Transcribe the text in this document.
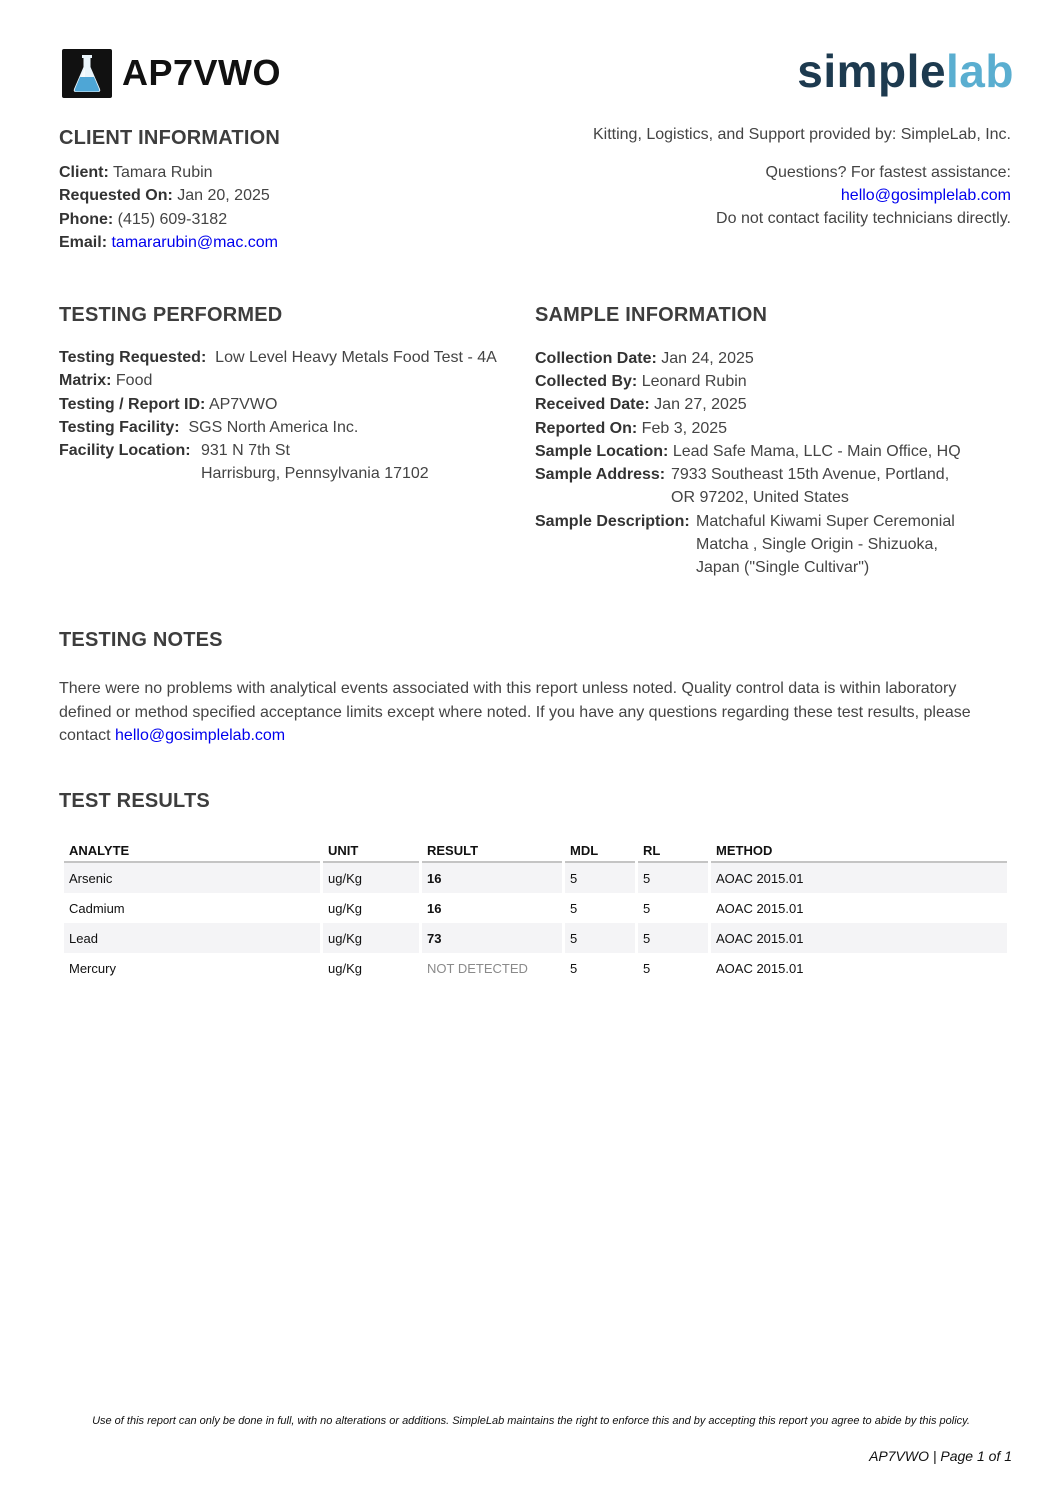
AP7VWO	simplelab
CLIENT INFORMATION
Client: Tamara Rubin
Requested On: Jan 20, 2025
Phone: (415) 609-3182
Email: tamararubin@mac.com
Kitting, Logistics, and Support provided by: SimpleLab, Inc.
Questions? For fastest assistance:
hello@gosimplelab.com
Do not contact facility technicians directly.
TESTING PERFORMED
Testing Requested: Low Level Heavy Metals Food Test - 4A
Matrix: Food
Testing / Report ID: AP7VWO
Testing Facility: SGS North America Inc.
Facility Location: 931 N 7th St
Harrisburg, Pennsylvania 17102
SAMPLE INFORMATION
Collection Date: Jan 24, 2025
Collected By: Leonard Rubin
Received Date: Jan 27, 2025
Reported On: Feb 3, 2025
Sample Location: Lead Safe Mama, LLC - Main Office, HQ
Sample Address: 7933 Southeast 15th Avenue, Portland,
OR 97202, United States
Sample Description: Matchaful Kiwami Super Ceremonial
Matcha , Single Origin - Shizuoka,
Japan ("Single Cultivar")
TESTING NOTES
There were no problems with analytical events associated with this report unless noted. Quality control data is within laboratory defined or method specified acceptance limits except where noted. If you have any questions regarding these test results, please contact hello@gosimplelab.com
TEST RESULTS
ANALYTE	UNIT	RESULT	MDL	RL	METHOD
Arsenic	ug/Kg	16	5	5	AOAC 2015.01
Cadmium	ug/Kg	16	5	5	AOAC 2015.01
Lead	ug/Kg	73	5	5	AOAC 2015.01
Mercury	ug/Kg	NOT DETECTED	5	5	AOAC 2015.01
Use of this report can only be done in full, with no alterations or additions. SimpleLab maintains the right to enforce this and by accepting this report you agree to abide by this policy.
AP7VWO | Page 1 of 1
